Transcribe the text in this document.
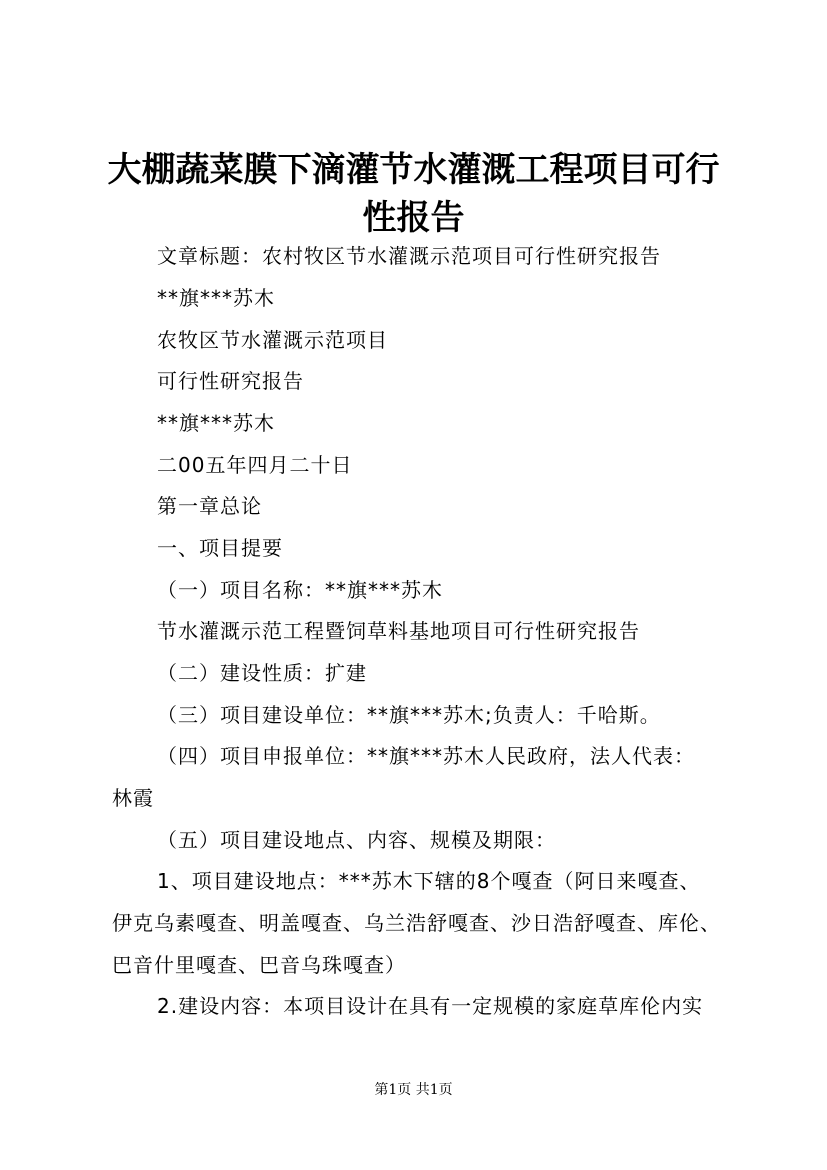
大棚蔬菜膜下滴灌节水灌溉工程项目可行性报告
文章标题：农村牧区节水灌溉示范项目可行性研究报告
**旗***苏木
农牧区节水灌溉示范项目
可行性研究报告
**旗***苏木
二00五年四月二十日
第一章总论
一、项目提要
（一）项目名称：**旗***苏木
节水灌溉示范工程暨饲草料基地项目可行性研究报告
（二）建设性质：扩建
（三）项目建设单位：**旗***苏木;负责人：千哈斯。
（四）项目申报单位：**旗***苏木人民政府，法人代表：
林霞
（五）项目建设地点、内容、规模及期限：
1、项目建设地点：***苏木下辖的8个嘎查（阿日来嘎查、
伊克乌素嘎查、明盖嘎查、乌兰浩舒嘎查、沙日浩舒嘎查、库伦、
巴音什里嘎查、巴音乌珠嘎查）
2.建设内容：本项目设计在具有一定规模的家庭草库伦内实
第1页 共1页
